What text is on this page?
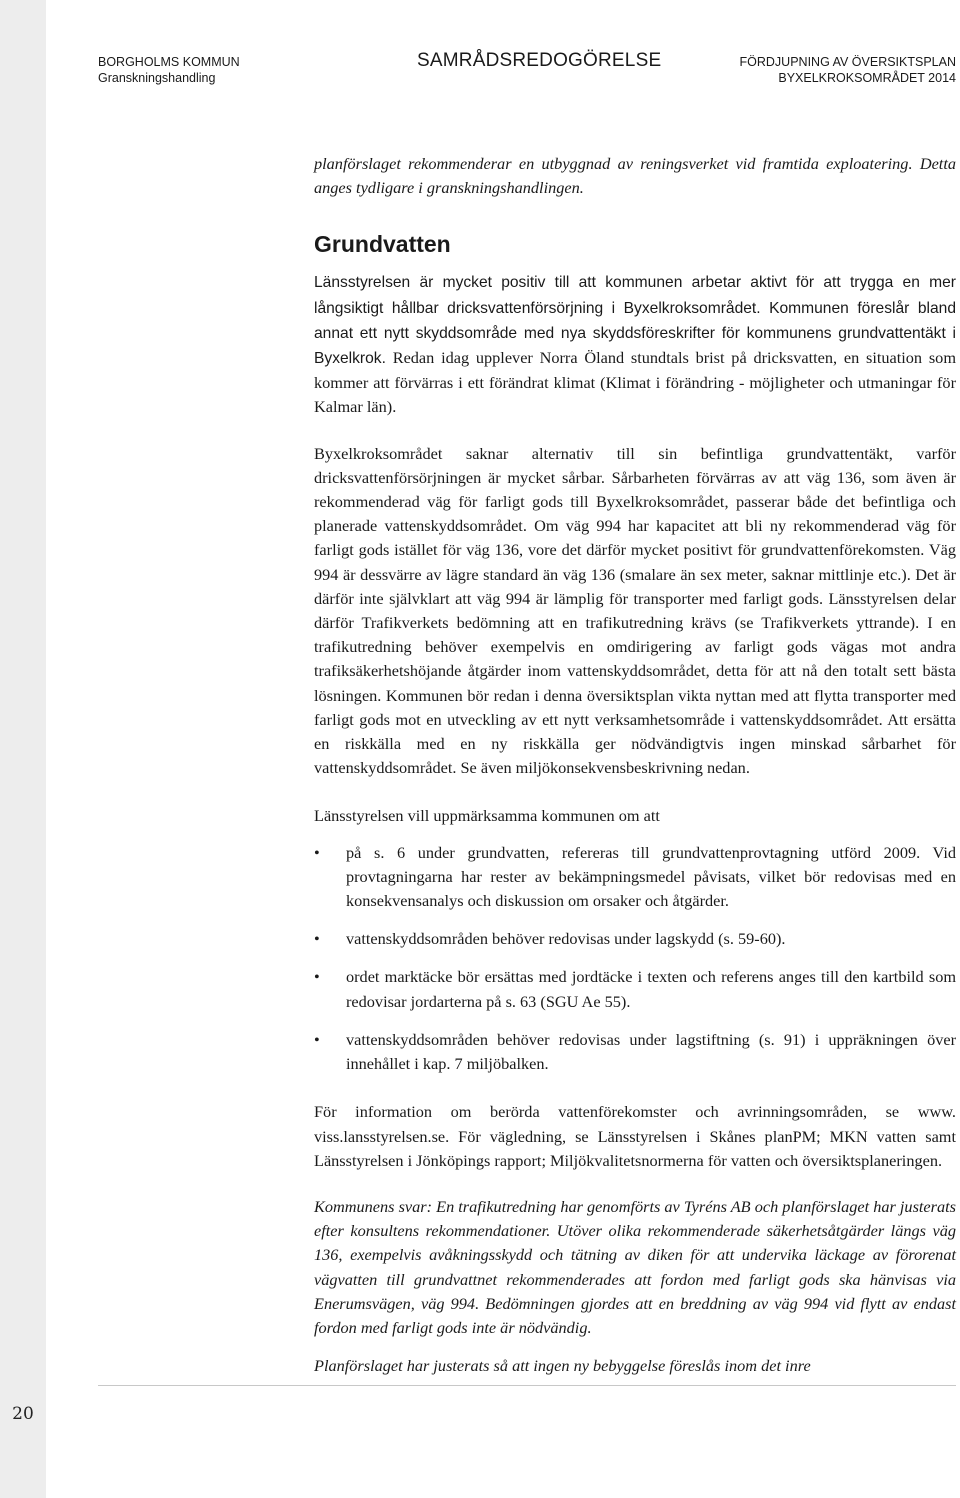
20
BORGHOLMS KOMMUN
Granskningshandling
SAMRÅDSREDOGÖRELSE	FÖRDJUPNING AV ÖVERSIKTSPLAN
BYXELKROKSOMRÅDET 2014

planförslaget rekommenderar en utbyggnad av reningsverket vid framtida exploatering. Detta anges tydligare i granskningshandlingen.

Grundvatten

Länsstyrelsen är mycket positiv till att kommunen arbetar aktivt för att trygga en mer långsiktigt hållbar dricksvattenförsörjning i Byxelkroksområdet. Kommunen föreslår bland annat ett nytt skyddsområde med nya skyddsföreskrifter för kommunens grundvattentäkt i Byxelkrok. Redan idag upplever Norra Öland stundtals brist på dricksvatten, en situation som kommer att förvärras i ett förändrat klimat (Klimat i förändring - möjligheter och utmaningar för Kalmar län).

Byxelkroksområdet saknar alternativ till sin befintliga grundvattentäkt, varför dricksvattenförsörjningen är mycket sårbar. Sårbarheten förvärras av att väg 136, som även är rekommenderad väg för farligt gods till Byxelkroksområdet, passerar både det befintliga och planerade vattenskyddsområdet. Om väg 994 har kapacitet att bli ny rekommenderad väg för farligt gods istället för väg 136, vore det därför mycket positivt för grundvattenförekomsten. Väg 994 är dessvärre av lägre standard än väg 136 (smalare än sex meter, saknar mittlinje etc.). Det är därför inte självklart att väg 994 är lämplig för transporter med farligt gods. Länsstyrelsen delar därför Trafikverkets bedömning att en trafikutredning krävs (se Trafikverkets yttrande). I en trafikutredning behöver exempelvis en omdirigering av farligt gods vägas mot andra trafiksäkerhetshöjande åtgärder inom vattenskyddsområdet, detta för att nå den totalt sett bästa lösningen. Kommunen bör redan i denna översiktsplan vikta nyttan med att flytta transporter med farligt gods mot en utveckling av ett nytt verksamhetsområde i vattenskyddsområdet. Att ersätta en riskkälla med en ny riskkälla ger nödvändigtvis ingen minskad sårbarhet för vattenskyddsområdet. Se även miljökonsekvensbeskrivning nedan.

Länsstyrelsen vill uppmärksamma kommunen om att

• på s. 6 under grundvatten, refereras till grundvattenprovtagning utförd 2009. Vid provtagningarna har rester av bekämpningsmedel påvisats, vilket bör redovisas med en konsekvensanalys och diskussion om orsaker och åtgärder.
• vattenskyddsområden behöver redovisas under lagskydd (s. 59-60).
• ordet marktäcke bör ersättas med jordtäcke i texten och referens anges till den kartbild som redovisar jordarterna på s. 63 (SGU Ae 55).
• vattenskyddsområden behöver redovisas under lagstiftning (s. 91) i uppräkningen över innehållet i kap. 7 miljöbalken.

För information om berörda vattenförekomster och avrinningsområden, se www. viss.lansstyrelsen.se. För vägledning, se Länsstyrelsen i Skånes planPM; MKN vatten samt Länsstyrelsen i Jönköpings rapport; Miljökvalitetsnormerna för vatten och översiktsplaneringen.

Kommunens svar: En trafikutredning har genomförts av Tyréns AB och planförslaget har justerats efter konsultens rekommendationer. Utöver olika rekommenderade säkerhetsåtgärder längs väg 136, exempelvis avåkningsskydd och tätning av diken för att undervika läckage av förorenat vägvatten till grundvattnet rekommenderades att fordon med farligt gods ska hänvisas via Enerumsvägen, väg 994. Bedömningen gjordes att en breddning av väg 994 vid flytt av endast fordon med farligt gods inte är nödvändig.

Planförslaget har justerats så att ingen ny bebyggelse föreslås inom det inre
